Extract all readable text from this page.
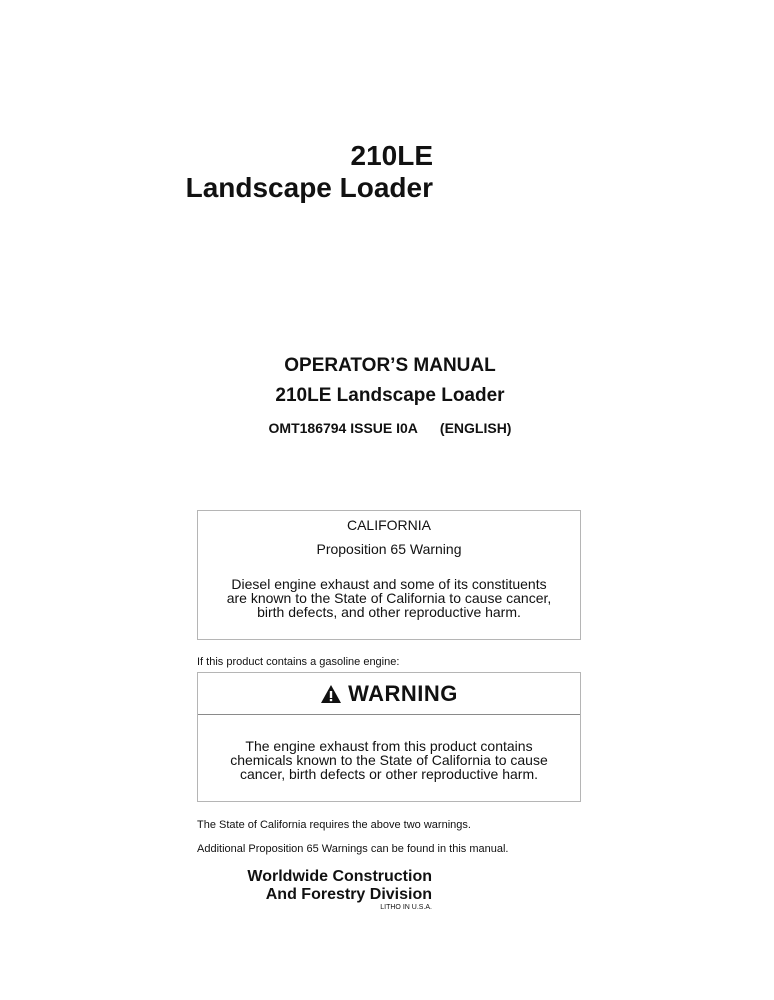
210LE
Landscape Loader
OPERATOR’S MANUAL
210LE Landscape Loader
OMT186794 ISSUE I0A (ENGLISH)
CALIFORNIA
Proposition 65 Warning
Diesel engine exhaust and some of its constituents
are known to the State of California to cause cancer,
birth defects, and other reproductive harm.
If this product contains a gasoline engine:
WARNING
The engine exhaust from this product contains
chemicals known to the State of California to cause
cancer, birth defects or other reproductive harm.
The State of California requires the above two warnings.
Additional Proposition 65 Warnings can be found in this manual.
Worldwide Construction
And Forestry Division
LITHO IN U.S.A.
